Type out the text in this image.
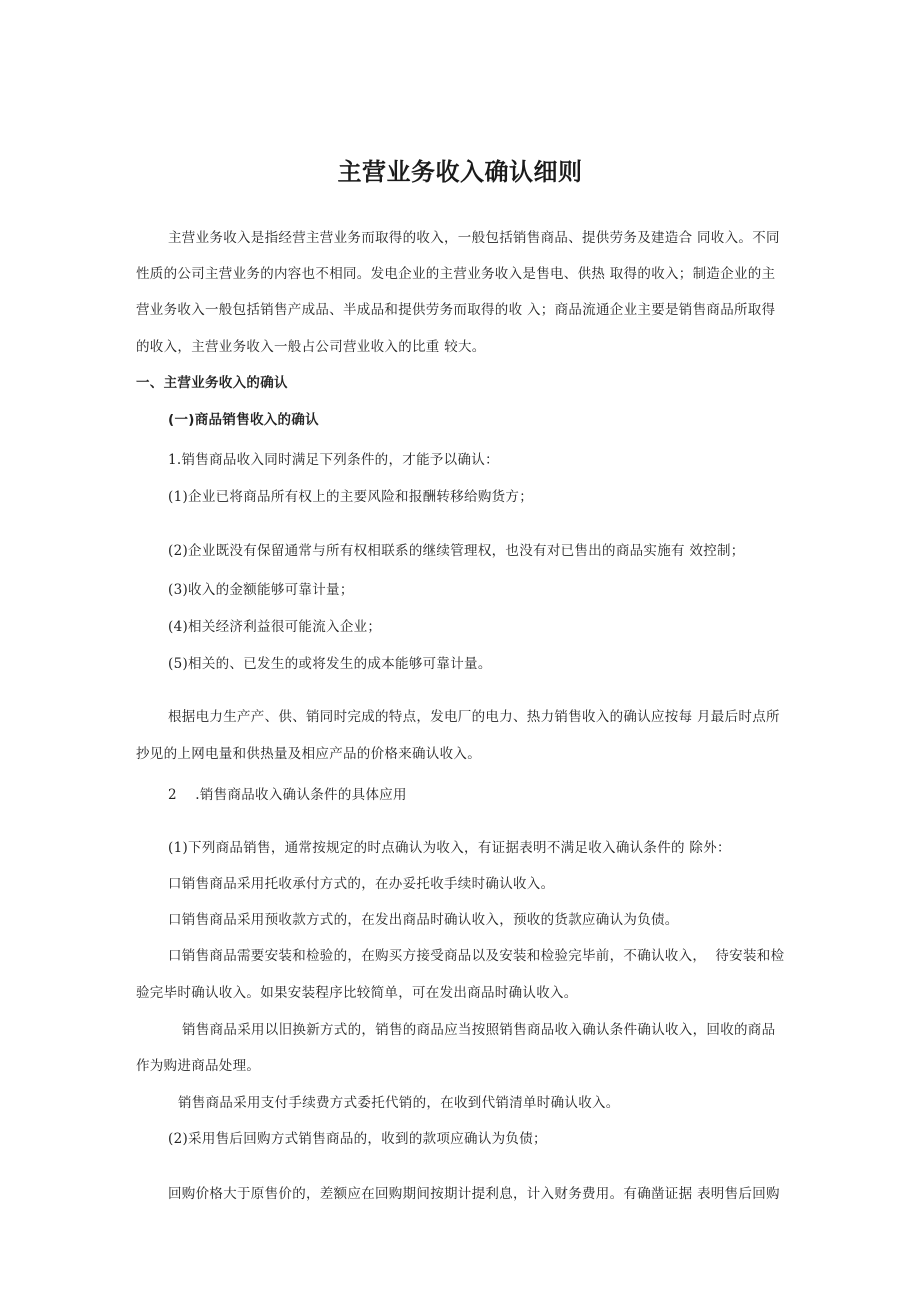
主营业务收入确认细则
主营业务收入是指经营主营业务而取得的收入，一般包括销售商品、提供劳务及建造合 同收入。不同
性质的公司主营业务的内容也不相同。发电企业的主营业务收入是售电、供热 取得的收入；制造企业的主
营业务收入一般包括销售产成品、半成品和提供劳务而取得的收 入；商品流通企业主要是销售商品所取得
的收入，主营业务收入一般占公司营业收入的比重 较大。
一、主营业务收入的确认
(一)商品销售收入的确认
1.销售商品收入同时满足下列条件的，才能予以确认：
(1)企业已将商品所有权上的主要风险和报酬转移给购货方；
(2)企业既没有保留通常与所有权相联系的继续管理权，也没有对已售出的商品实施有 效控制；
(3)收入的金额能够可靠计量；
(4)相关经济利益很可能流入企业；
(5)相关的、已发生的或将发生的成本能够可靠计量。
根据电力生产产、供、销同时完成的特点，发电厂的电力、热力销售收入的确认应按每 月最后时点所
抄见的上网电量和供热量及相应产品的价格来确认收入。
2    .销售商品收入确认条件的具体应用
(1)下列商品销售，通常按规定的时点确认为收入，有证据表明不满足收入确认条件的 除外：
口销售商品采用托收承付方式的，在办妥托收手续时确认收入。
口销售商品采用预收款方式的，在发出商品时确认收入，预收的货款应确认为负债。
口销售商品需要安装和检验的，在购买方接受商品以及安装和检验完毕前，不确认收入，  待安装和检
验完毕时确认收入。如果安装程序比较简单，可在发出商品时确认收入。
销售商品采用以旧换新方式的，销售的商品应当按照销售商品收入确认条件确认收入，回收的商品
作为购进商品处理。
销售商品采用支付手续费方式委托代销的，在收到代销清单时确认收入。
(2)采用售后回购方式销售商品的，收到的款项应确认为负债；
回购价格大于原售价的，差额应在回购期间按期计提利息，计入财务费用。有确凿证据 表明售后回购
